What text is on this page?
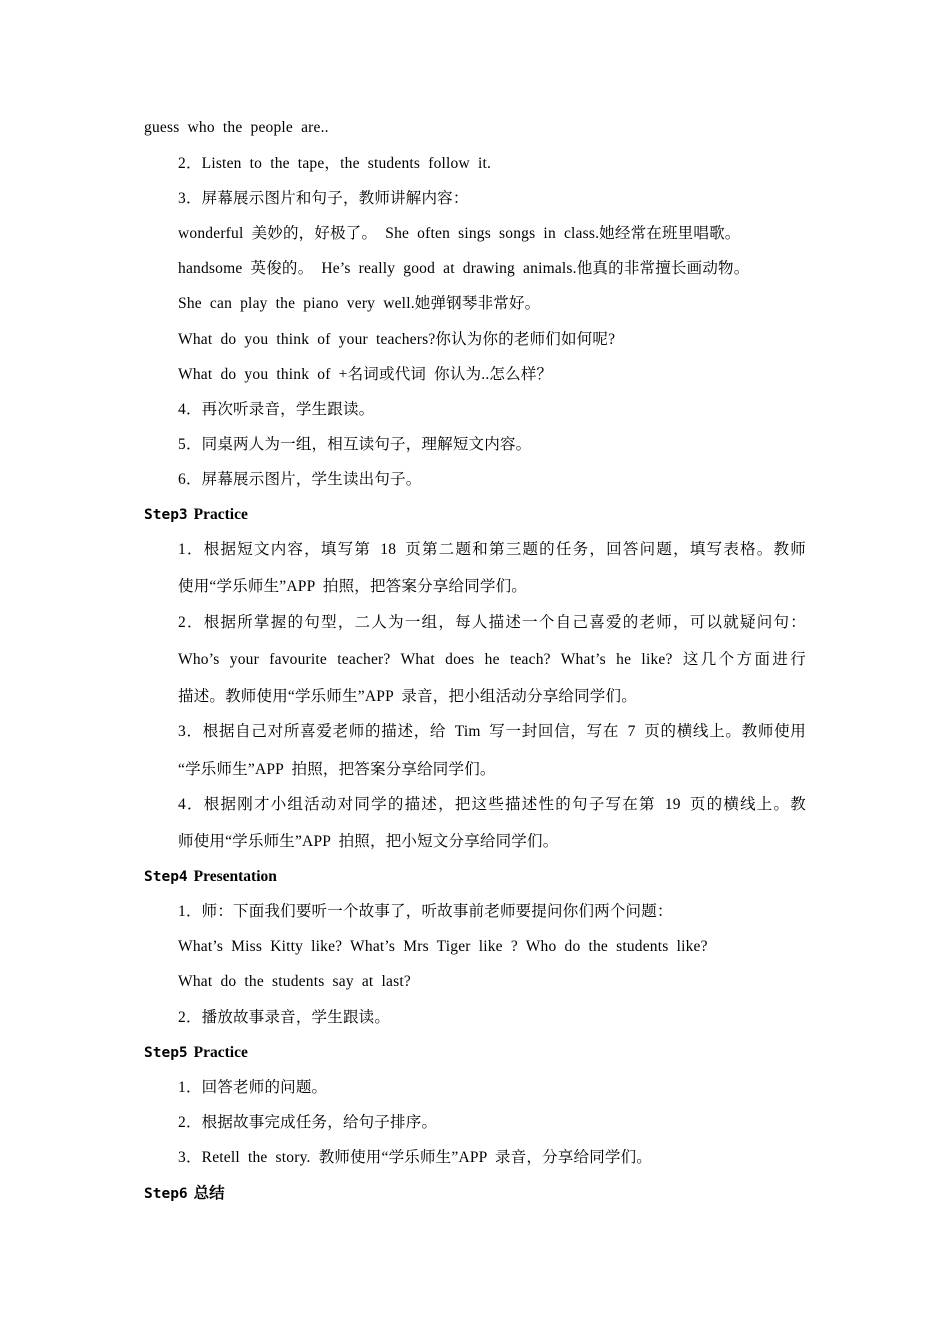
guess who the people are..
2．Listen to the tape，the students follow it.
3．屏幕展示图片和句子，教师讲解内容：
wonderful 美妙的，好极了。 She often sings songs in class.她经常在班里唱歌。
handsome 英俊的。 He’s really good at drawing animals.他真的非常擅长画动物。
She can play the piano very well.她弹钢琴非常好。
What do you think of your teachers?你认为你的老师们如何呢?
What do you think of +名词或代词 你认为..怎么样？
4．再次听录音，学生跟读。
5．同桌两人为一组，相互读句子，理解短文内容。
6．屏幕展示图片，学生读出句子。
Step3 Practice
1．根据短文内容，填写第 18 页第二题和第三题的任务，回答问题，填写表格。教师
使用“学乐师生”APP 拍照，把答案分享给同学们。
2．根据所掌握的句型，二人为一组，每人描述一个自己喜爱的老师，可以就疑问句：
Who’s your favourite teacher? What does he teach? What’s he like? 这几个方面进行
描述。教师使用“学乐师生”APP 录音，把小组活动分享给同学们。
3．根据自己对所喜爱老师的描述，给 Tim 写一封回信，写在 7 页的横线上。教师使用
“学乐师生”APP 拍照，把答案分享给同学们。
4．根据刚才小组活动对同学的描述，把这些描述性的句子写在第 19 页的横线上。教
师使用“学乐师生”APP 拍照，把小短文分享给同学们。
Step4 Presentation
1．师：下面我们要听一个故事了，听故事前老师要提问你们两个问题：
What’s Miss Kitty like? What’s Mrs Tiger like ? Who do the students like?
What do the students say at last?
2．播放故事录音，学生跟读。
Step5 Practice
1．回答老师的问题。
2．根据故事完成任务，给句子排序。
3．Retell the story. 教师使用“学乐师生”APP 录音，分享给同学们。
Step6 总结
